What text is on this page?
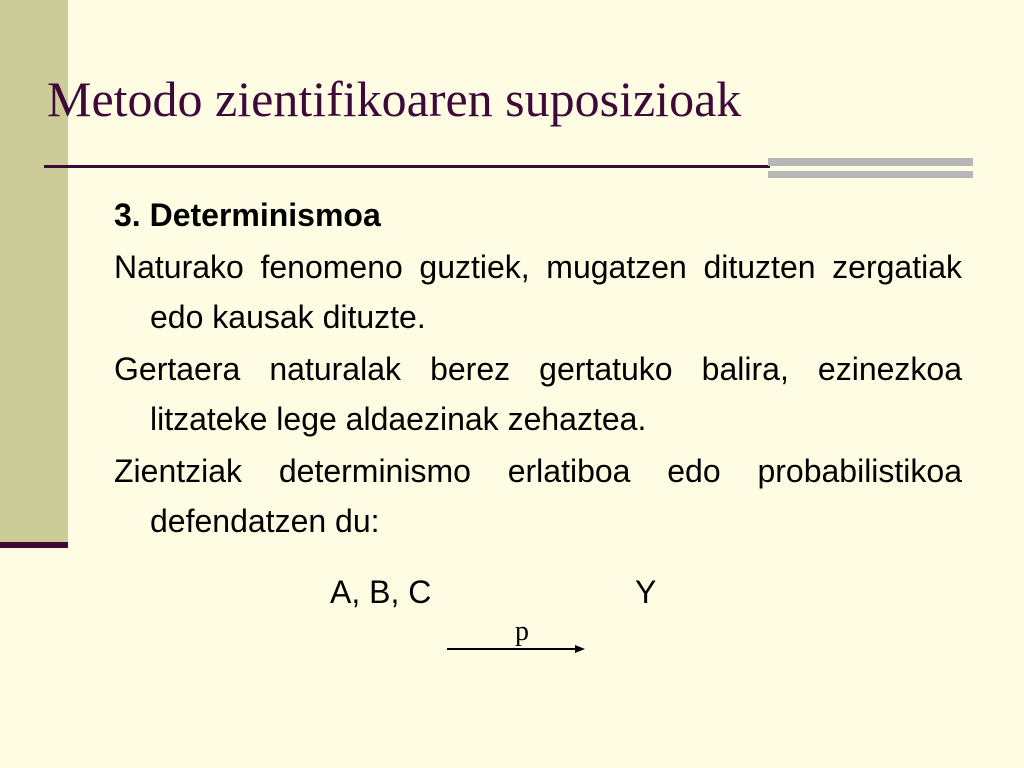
Metodo zientifikoaren suposizioak
3. Determinismoa
Naturako fenomeno guztiek, mugatzen dituzten zergatiak edo kausak dituzte.
Gertaera naturalak berez gertatuko balira, ezinezkoa litzateke lege aldaezinak zehaztea.
Zientziak determinismo erlatiboa edo probabilistikoa defendatzen du:
A, B, C	Y
p
